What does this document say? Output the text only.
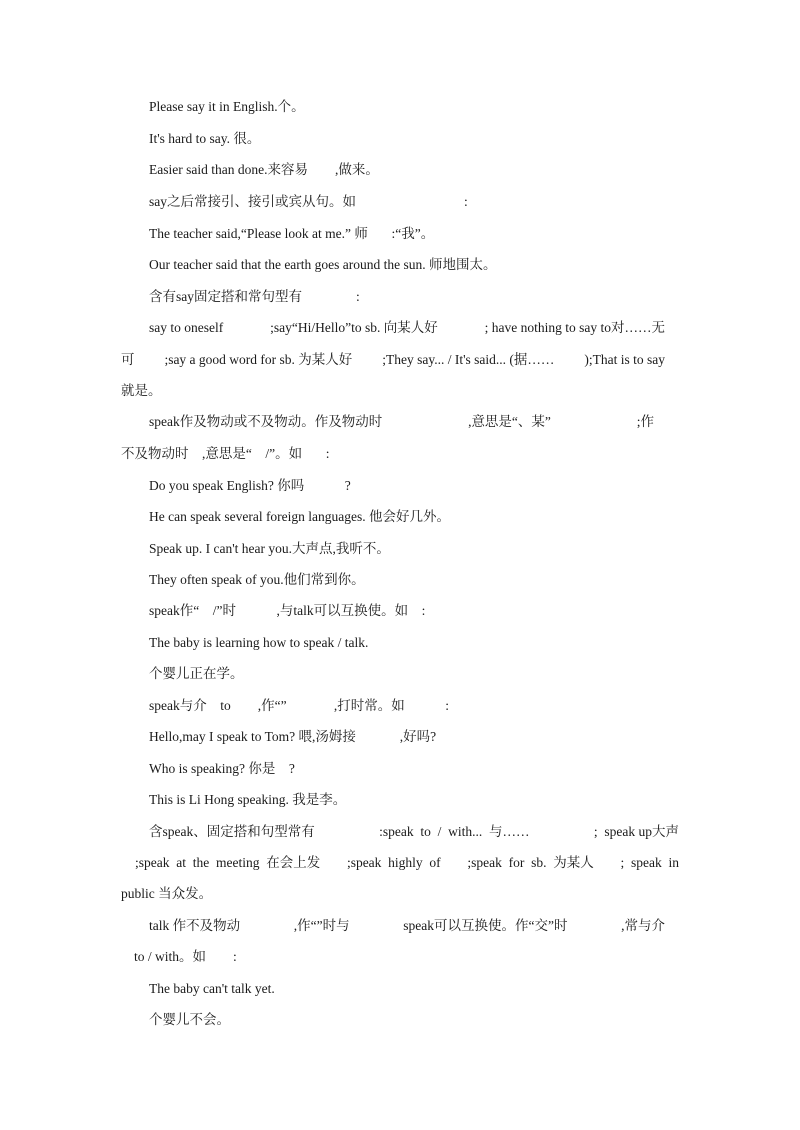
Please say it in English.个。
It's hard to say. 很。
Easier said than done.来容易        ,做来。
say之后常接引、接引或宾从句。如                                :
The teacher said,“Please look at me.” 师       :“我”。
Our teacher said that the earth goes around the sun. 师地围太。
含有say固定搭和常句型有                :
say to oneself	;say“Hi/Hello”to sb. 向某人好	; have nothing to say to对……无
可 ;say a good word for sb. 为某人好 ;They say... / It's said... (据…… );That is to say
就是。
speak作及物动或不及物动。作及物动时	,意思是“、某”	;作
不及物动时    ,意思是“    /”。如       :
Do you speak English? 你吗            ?
He can speak several foreign languages. 他会好几外。
Speak up. I can't hear you.大声点,我听不。
They often speak of you.他们常到你。
speak作“    /”时            ,与talk可以互换使。如    :
The baby is learning how to speak / talk.
个婴儿正在学。
speak与介    to        ,作“”              ,打时常。如            :
Hello,may I speak to Tom? 喂,汤姆接             ,好吗?
Who is speaking? 你是    ?
This is Li Hong speaking. 我是李。
含speak、固定搭和句型常有	:speak  to  /  with...  与……	;  speak up大声
;speak  at  the  meeting  在会上发 ;speak  highly  of ;speak  for  sb.  为某人 ;  speak  in
public 当众发。
talk 作不及物动	,作“”时与	speak可以互换使。作“交”时	,常与介
to / with。如        :
The baby can't talk yet.
个婴儿不会。
